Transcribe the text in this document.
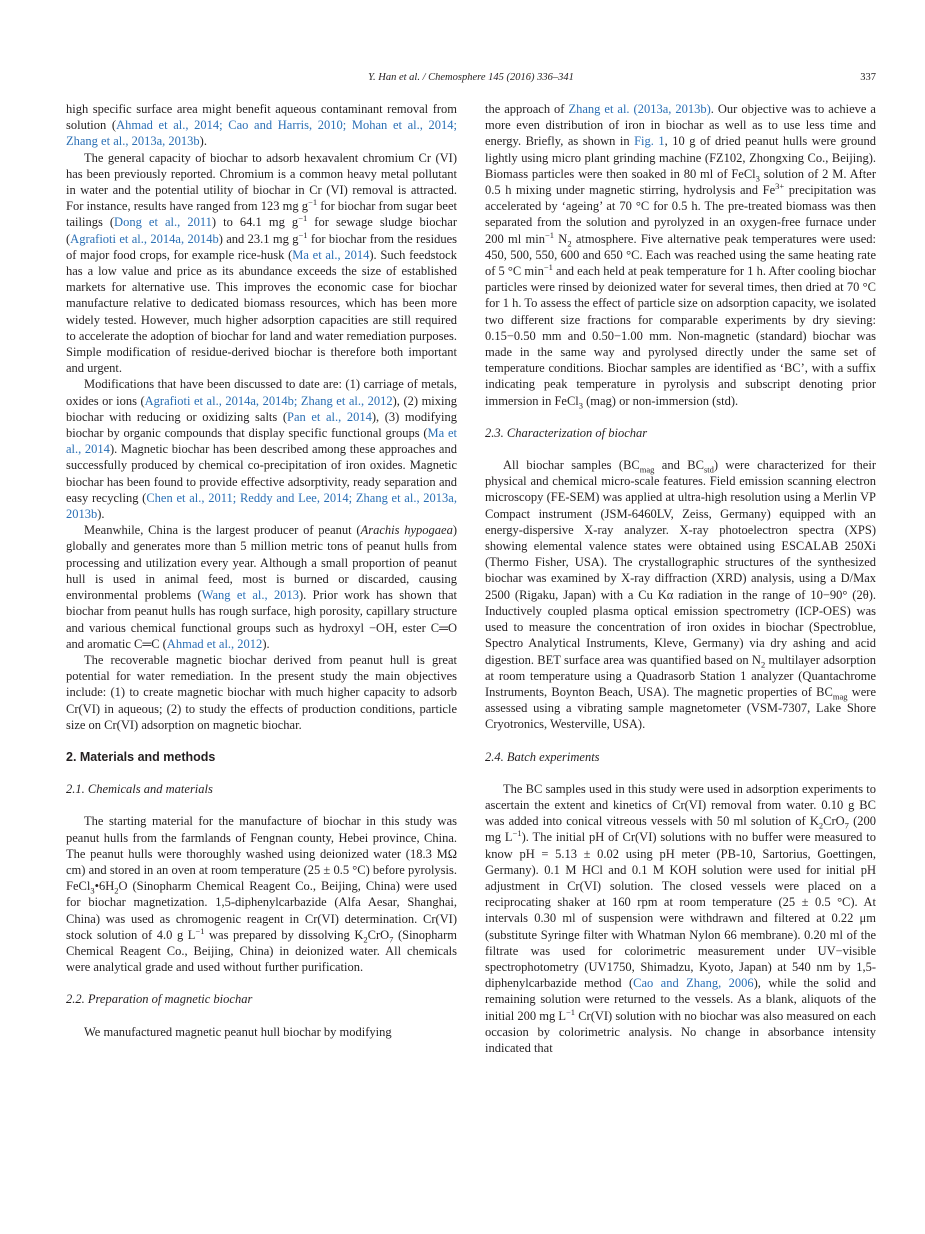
Y. Han et al. / Chemosphere 145 (2016) 336–341	337

high specific surface area might benefit aqueous contaminant removal from solution (Ahmad et al., 2014; Cao and Harris, 2010; Mohan et al., 2014; Zhang et al., 2013a, 2013b).

The general capacity of biochar to adsorb hexavalent chromium Cr (VI) has been previously reported. Chromium is a common heavy metal pollutant in water and the potential utility of biochar in Cr (VI) removal is attracted. For instance, results have ranged from 123 mg $g^{-1}$ for biochar from sugar beet tailings (Dong et al., 2011) to 64.1 mg $g^{-1}$ for sewage sludge biochar (Agrafioti et al., 2014a, 2014b) and 23.1 mg $g^{-1}$ for biochar from the residues of major food crops, for example rice-husk (Ma et al., 2014). Such feedstock has a low value and price as its abundance exceeds the size of established markets for alternative use. This improves the economic case for biochar manufacture relative to dedicated biomass resources, which has been more widely tested. However, much higher adsorption capacities are still required to accelerate the adoption of biochar for land and water remediation purposes. Simple modification of residue-derived biochar is therefore both important and urgent.

Modifications that have been discussed to date are: (1) carriage of metals, oxides or ions (Agrafioti et al., 2014a, 2014b; Zhang et al., 2012), (2) mixing biochar with reducing or oxidizing salts (Pan et al., 2014), (3) modifying biochar by organic compounds that display specific functional groups (Ma et al., 2014). Magnetic biochar has been described among these approaches and successfully produced by chemical co-precipitation of iron oxides. Magnetic biochar has been found to provide effective adsorptivity, ready separation and easy recycling (Chen et al., 2011; Reddy and Lee, 2014; Zhang et al., 2013a, 2013b).

Meanwhile, China is the largest producer of peanut (Arachis hypogaea) globally and generates more than 5 million metric tons of peanut hulls from processing and utilization every year. Although a small proportion of peanut hull is used in animal feed, most is burned or discarded, causing environmental problems (Wang et al., 2013). Prior work has shown that biochar from peanut hulls has rough surface, high porosity, capillary structure and various chemical functional groups such as hydroxyl −OH, ester C═O and aromatic C═C (Ahmad et al., 2012).

The recoverable magnetic biochar derived from peanut hull is great potential for water remediation. In the present study the main objectives include: (1) to create magnetic biochar with much higher capacity to adsorb Cr(VI) in aqueous; (2) to study the effects of production conditions, particle size on Cr(VI) adsorption on magnetic biochar.

2. Materials and methods
2.1. Chemicals and materials

The starting material for the manufacture of biochar in this study was peanut hulls from the farmlands of Fengnan county, Hebei province, China. The peanut hulls were thoroughly washed using deionized water (18.3 MΩ cm) and stored in an oven at room temperature (25 ± 0.5 °C) before pyrolysis. $FeCl_3•6H_2O$ (Sinopharm Chemical Reagent Co., Beijing, China) were used for biochar magnetization. 1,5-diphenylcarbazide (Alfa Aesar, Shanghai, China) was used as chromogenic reagent in Cr(VI) determination. Cr(VI) stock solution of 4.0 g $L^{-1}$ was prepared by dissolving $K_2CrO_7$ (Sinopharm Chemical Reagent Co., Beijing, China) in deionized water. All chemicals were analytical grade and used without further purification.

2.2. Preparation of magnetic biochar

We manufactured magnetic peanut hull biochar by modifying

the approach of Zhang et al. (2013a, 2013b). Our objective was to achieve a more even distribution of iron in biochar as well as to use less time and energy. Briefly, as shown in Fig. 1, 10 g of dried peanut hulls were ground lightly using micro plant grinding machine (FZ102, Zhongxing Co., Beijing). Biomass particles were then soaked in 80 ml of FeCl$_3$ solution of 2 M. After 0.5 h mixing under magnetic stirring, hydrolysis and $Fe^{3+}$ precipitation was accelerated by ‘ageing’ at 70 °C for 0.5 h. The pre-treated biomass was then separated from the solution and pyrolyzed in an oxygen-free furnace under 200 ml $\min^{-1} N_2$ atmosphere. Five alternative peak temperatures were used: 450, 500, 550, 600 and 650 °C. Each was reached using the same heating rate of 5 °C $\min^{-1}$ and each held at peak temperature for 1 h. After cooling biochar particles were rinsed by deionized water for several times, then dried at 70 °C for 1 h. To assess the effect of particle size on adsorption capacity, we isolated two different size fractions for comparable experiments by dry sieving: 0.15−0.50 mm and 0.50−1.00 mm. Non-magnetic (standard) biochar was made in the same way and pyrolysed directly under the same set of temperature conditions. Biochar samples are identified as ‘BC’, with a suffix indicating peak temperature in pyrolysis and subscript denoting prior immersion in FeCl$_3$ (mag) or non-immersion (std).

2.3. Characterization of biochar

All biochar samples ($BC_{mag}$ and $BC_{std}$) were characterized for their physical and chemical micro-scale features. Field emission scanning electron microscopy (FE-SEM) was applied at ultra-high resolution using a Merlin VP Compact instrument (JSM-6460LV, Zeiss, Germany) equipped with an energy-dispersive X-ray analyzer. X-ray photoelectron spectra (XPS) showing elemental valence states were obtained using ESCALAB 250Xi (Thermo Fisher, USA). The crystallographic structures of the synthesized biochar was examined by X-ray diffraction (XRD) analysis, using a D/Max 2500 (Rigaku, Japan) with a Cu Kα radiation in the range of 10−90° (2θ). Inductively coupled plasma optical emission spectrometry (ICP-OES) was used to measure the concentration of iron oxides in biochar (Spectroblue, Spectro Analytical Instruments, Kleve, Germany) via dry ashing and acid digestion. BET surface area was quantified based on $N_2$ multilayer adsorption at room temperature using a Quadrasorb Station 1 analyzer (Quantachrome Instruments, Boynton Beach, USA). The magnetic properties of $BC_{mag}$ were assessed using a vibrating sample magnetometer (VSM-7307, Lake Shore Cryotronics, Westerville, USA).

2.4. Batch experiments

The BC samples used in this study were used in adsorption experiments to ascertain the extent and kinetics of Cr(VI) removal from water. 0.10 g BC was added into conical vitreous vessels with 50 ml solution of $K_2CrO_7$ (200 mg $L^{-1}$). The initial pH of Cr(VI) solutions with no buffer were measured to know pH = 5.13 ± 0.02 using pH meter (PB-10, Sartorius, Goettingen, Germany). 0.1 M HCl and 0.1 M KOH solution were used for initial pH adjustment in Cr(VI) solution. The closed vessels were placed on a reciprocating shaker at 160 rpm at room temperature (25 ± 0.5 °C). At intervals 0.30 ml of suspension were withdrawn and filtered at 0.22 μm (substitute Syringe filter with Whatman Nylon 66 membrane). 0.20 ml of the filtrate was used for colorimetric measurement under UV−visible spectrophotometry (UV1750, Shimadzu, Kyoto, Japan) at 540 nm by 1,5-diphenylcarbazide method (Cao and Zhang, 2006), while the solid and remaining solution were returned to the vessels. As a blank, aliquots of the initial 200 mg $L^{-1}$ Cr(VI) solution with no biochar was also measured on each occasion by colorimetric analysis. No change in absorbance intensity indicated that
